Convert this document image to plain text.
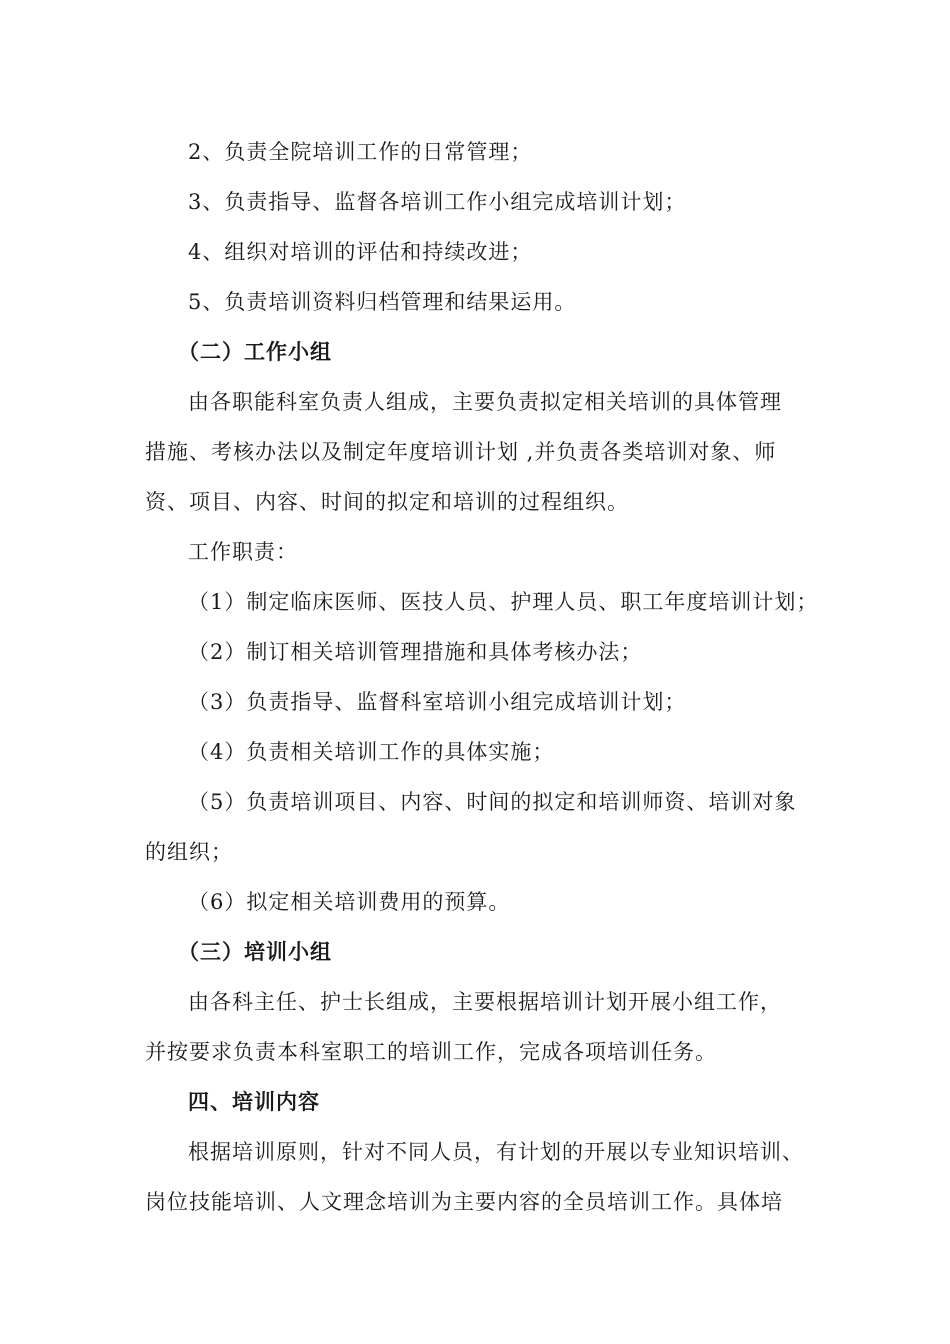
2、负责全院培训工作的日常管理；
3、负责指导、监督各培训工作小组完成培训计划；
4、组织对培训的评估和持续改进；
5、负责培训资料归档管理和结果运用。
（二）工作小组
由各职能科室负责人组成，主要负责拟定相关培训的具体管理
措施、考核办法以及制定年度培训计划 ,并负责各类培训对象、师
资、项目、内容、时间的拟定和培训的过程组织。
工作职责：
（1）制定临床医师、医技人员、护理人员、职工年度培训计划；
（2）制订相关培训管理措施和具体考核办法；
（3）负责指导、监督科室培训小组完成培训计划；
（4）负责相关培训工作的具体实施；
（5）负责培训项目、内容、时间的拟定和培训师资、培训对象
的组织；
（6）拟定相关培训费用的预算。
（三）培训小组
由各科主任、护士长组成，主要根据培训计划开展小组工作，
并按要求负责本科室职工的培训工作，完成各项培训任务。
四、培训内容
根据培训原则，针对不同人员，有计划的开展以专业知识培训、
岗位技能培训、人文理念培训为主要内容的全员培训工作。具体培
